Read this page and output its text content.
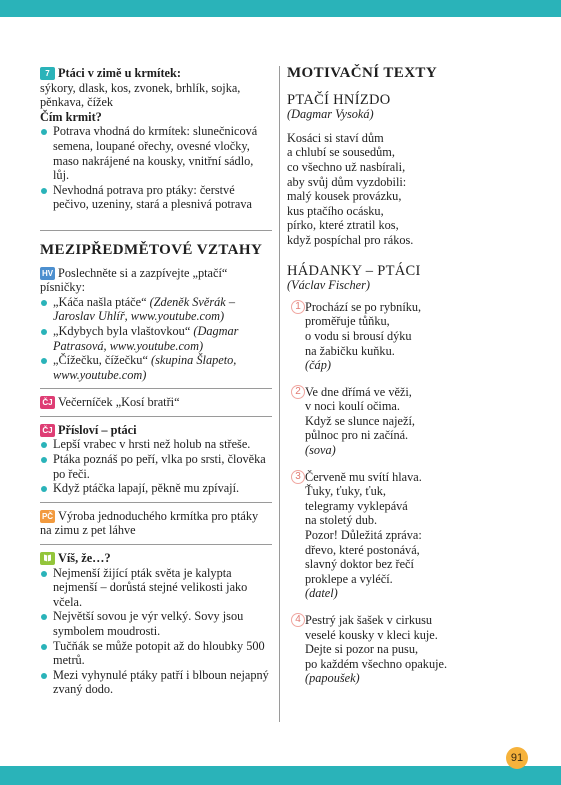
7 Ptáci v zimě u krmítek:
sýkory, dlask, kos, zvonek, brhlík, sojka, pěnkava, čížek
Čím krmit?
Potrava vhodná do krmítek: slunečnicová semena, loupané ořechy, ovesné vločky, maso nakrájené na kousky, vnitřní sádlo, lůj.
Nevhodná potrava pro ptáky: čerstvé pečivo, uzeniny, stará a plesnivá potrava
MEZIPŘEDMĚTOVÉ VZTAHY
HV Poslechněte si a zazpívejte „ptačí“ písničky:
„Káča našla ptáče“ (Zdeněk Svěrák – Jaroslav Uhlíř, www.youtube.com)
„Kdybych byla vlaštovkou“ (Dagmar Patrasová, www.youtube.com)
„Čížečku, čížečku“ (skupina Šlapeto, www.youtube.com)
ČJ Večerníček „Kosí bratři“
ČJ Přísloví – ptáci
Lepší vrabec v hrsti než holub na střeše.
Ptáka poznáš po peří, vlka po srsti, člověka po řeči.
Když ptáčka lapají, pěkně mu zpívají.
PČ Výroba jednoduchého krmítka pro ptáky na zimu z pet láhve
Víš, že…?
Nejmenší žijící pták světa je kalypta nejmenší – dorůstá stejné velikosti jako včela.
Největší sovou je výr velký. Sovy jsou symbolem moudrosti.
Tučňák se může potopit až do hloubky 500 metrů.
Mezi vyhynulé ptáky patří i blboun nejapný zvaný dodo.
MOTIVAČNÍ TEXTY
PTAČÍ HNÍZDO
(Dagmar Vysoká)
Kosáci si staví dům
a chlubí se sousedům,
co všechno už nasbírali,
aby svůj dům vyzdobili:
malý kousek provázku,
kus ptačího ocásku,
pírko, které ztratil kos,
když pospíchal pro rákos.
HÁDANKY – PTÁCI
(Václav Fischer)
1 Prochází se po rybníku,
proměřuje tůňku,
o vodu si brousí dýku
na žabičku kuňku.
(čáp)
2 Ve dne dřímá ve věži,
v noci koulí očima.
Když se slunce naježí,
půlnoc pro ni začíná.
(sova)
3 Červeně mu svítí hlava.
Ťuky, ťuky, ťuk,
telegramy vyklepává
na stoletý dub.
Pozor! Důležitá zpráva:
dřevo, které postonává,
slavný doktor bez řečí
proklepe a vyléčí.
(datel)
4 Pestrý jak šašek v cirkusu
veselé kousky v kleci kuje.
Dejte si pozor na pusu,
po každém všechno opakuje.
(papoušek)
91
